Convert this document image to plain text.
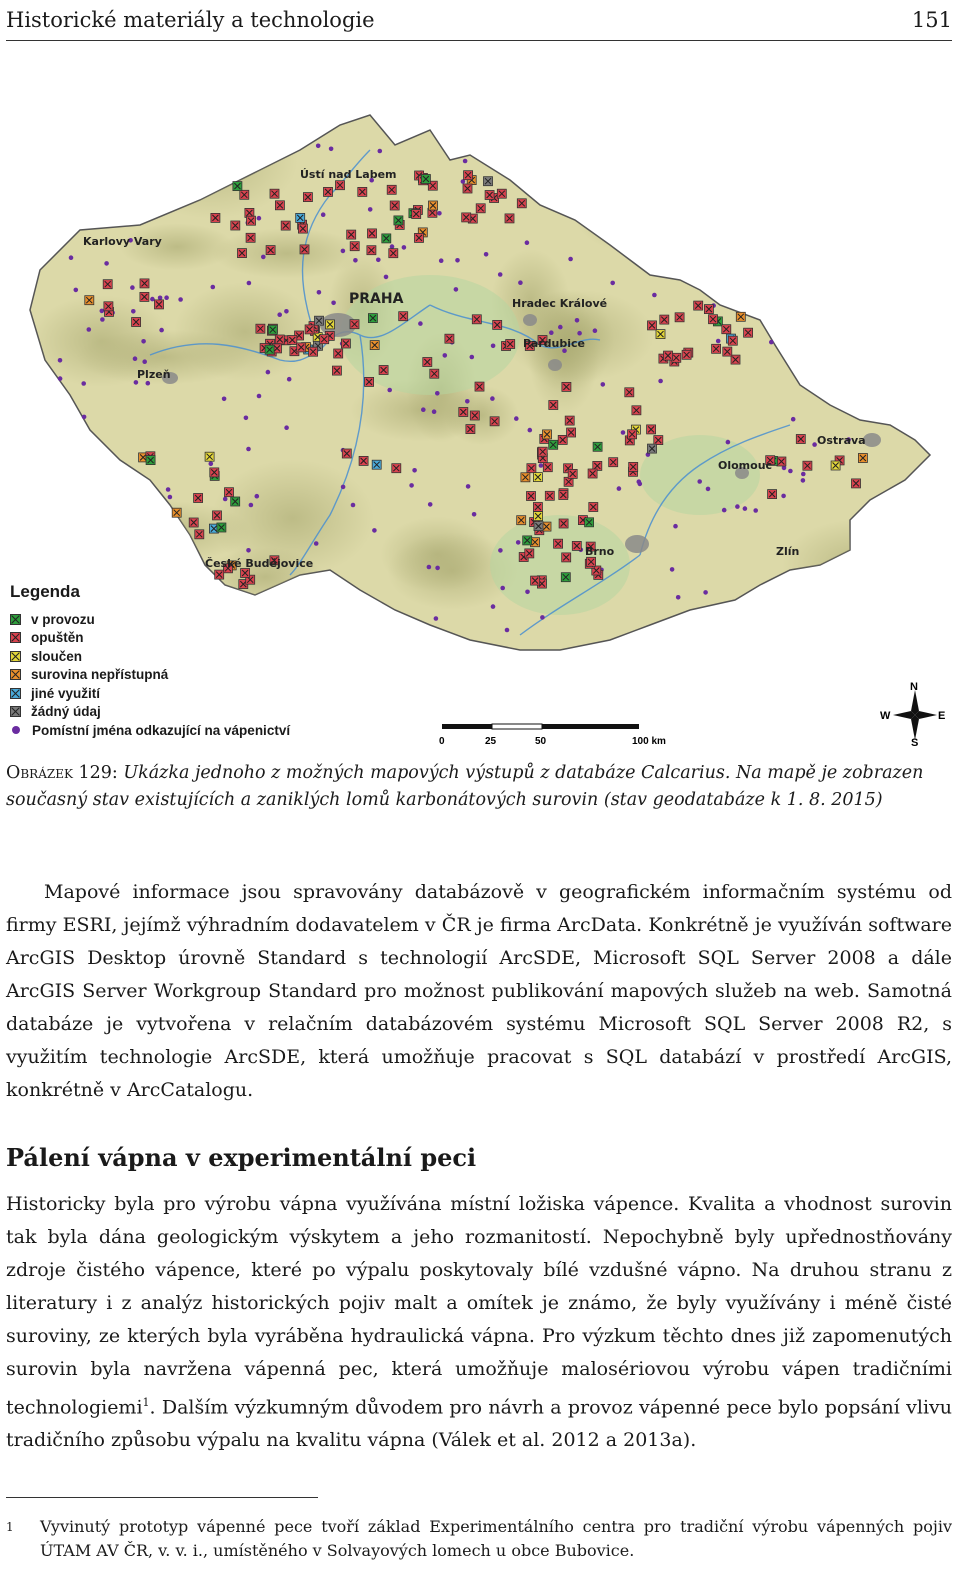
Historické materiály a technologie	151
Ústí nad Labem
Karlovy Vary
PRAHA	Hradec Králové
Pardubice
Plzeň
Ostrava
Olomouc
Brno	Zlín
České Budějovice
Legenda
v provozu
opuštěn
sloučen
surovina nepřístupná
jiné využití
žádný údaj
Pomístní jména odkazující na vápenictví
0	25	50	100 km
N
S
W	E
Obrázek 129: Ukázka jednoho z možných mapových výstupů z databáze Calcarius. Na mapě je zobrazen současný stav existujících a zaniklých lomů karbonátových surovin (stav geodatabáze k 1. 8. 2015)

Mapové informace jsou spravovány databázově v geografickém informačním systému od firmy ESRI, jejímž výhradním dodavatelem v ČR je firma ArcData. Konkrétně je využíván software ArcGIS Desktop úrovně Standard s technologií ArcSDE, Microsoft SQL Server 2008 a dále ArcGIS Server Workgroup Standard pro možnost publikování mapových služeb na web. Samotná databáze je vytvořena v relačním databázovém systému Microsoft SQL Server 2008 R2, s využitím technologie ArcSDE, která umožňuje pracovat s SQL databází v prostředí ArcGIS, konkrétně v ArcCatalogu.

Pálení vápna v experimentální peci

Historicky byla pro výrobu vápna využívána místní ložiska vápence. Kvalita a vhodnost surovin tak byla dána geologickým výskytem a jeho rozmanitostí. Nepochybně byly upřednostňovány zdroje čistého vápence, které po výpalu poskytovaly bílé vzdušné vápno. Na druhou stranu z literatury i z analýz historických pojiv malt a omítek je známo, že byly využívány i méně čisté suroviny, ze kterých byla vyráběna hydraulická vápna. Pro výzkum těchto dnes již zapomenutých surovin byla navržena vápenná pec, která umožňuje malosériovou výrobu vápen tradičními technologiemi$^1$. Dalším výzkumným důvodem pro návrh a provoz vápenné pece bylo popsání vlivu tradičního způsobu výpalu na kvalitu vápna (Válek et al. 2012 a 2013a).

1	Vyvinutý prototyp vápenné pece tvoří základ Experimentálního centra pro tradiční výrobu vápenných pojiv ÚTAM AV ČR, v. v. i., umístěného v Solvayových lomech u obce Bubovice.
